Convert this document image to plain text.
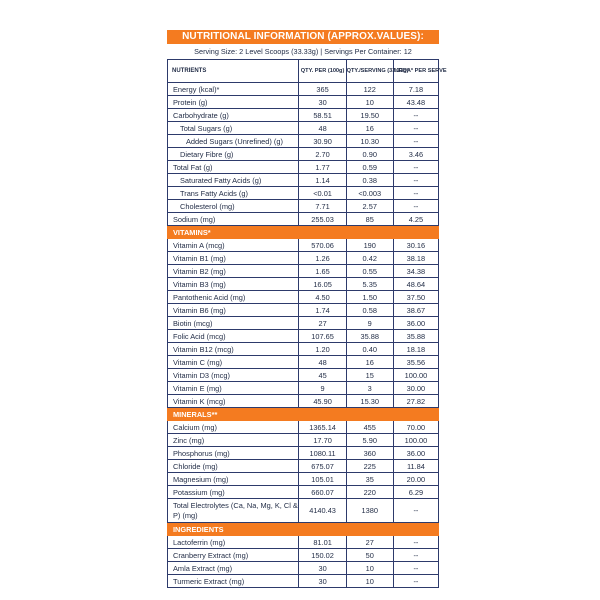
NUTRITIONAL INFORMATION (APPROX.VALUES):
Serving Size: 2 Level Scoops (33.33g) | Servings Per Container: 12
NUTRIENTS	QTY. PER (100g)	QTY./SERVING (33.33g)	%RDA* PER SERVE
Energy (kcal)*	365	122	7.18
Protein (g)	30	10	43.48
Carbohydrate (g)	58.51	19.50	--
Total Sugars (g)	48	16	--
Added Sugars (Unrefined) (g)	30.90	10.30	--
Dietary Fibre (g)	2.70	0.90	3.46
Total Fat (g)	1.77	0.59	--
Saturated Fatty Acids (g)	1.14	0.38	--
Trans Fatty Acids (g)	<0.01	<0.003	--
Cholesterol (mg)	7.71	2.57	--
Sodium (mg)	255.03	85	4.25
VITAMINS*			
Vitamin A (mcg)	570.06	190	30.16
Vitamin B1 (mg)	1.26	0.42	38.18
Vitamin B2 (mg)	1.65	0.55	34.38
Vitamin B3 (mg)	16.05	5.35	48.64
Pantothenic Acid (mg)	4.50	1.50	37.50
Vitamin B6 (mg)	1.74	0.58	38.67
Biotin (mcg)	27	9	36.00
Folic Acid (mcg)	107.65	35.88	35.88
Vitamin B12 (mcg)	1.20	0.40	18.18
Vitamin C (mg)	48	16	35.56
Vitamin D3 (mcg)	45	15	100.00
Vitamin E (mg)	9	3	30.00
Vitamin K (mcg)	45.90	15.30	27.82
MINERALS**			
Calcium (mg)	1365.14	455	70.00
Zinc (mg)	17.70	5.90	100.00
Phosphorus (mg)	1080.11	360	36.00
Chloride (mg)	675.07	225	11.84
Magnesium (mg)	105.01	35	20.00
Potassium (mg)	660.07	220	6.29
Total Electrolytes (Ca, Na, Mg, K, Cl & P) (mg)	4140.43	1380	--
INGREDIENTS			
Lactoferrin (mg)	81.01	27	--
Cranberry Extract (mg)	150.02	50	--
Amla Extract (mg)	30	10	--
Turmeric Extract (mg)	30	10	--
